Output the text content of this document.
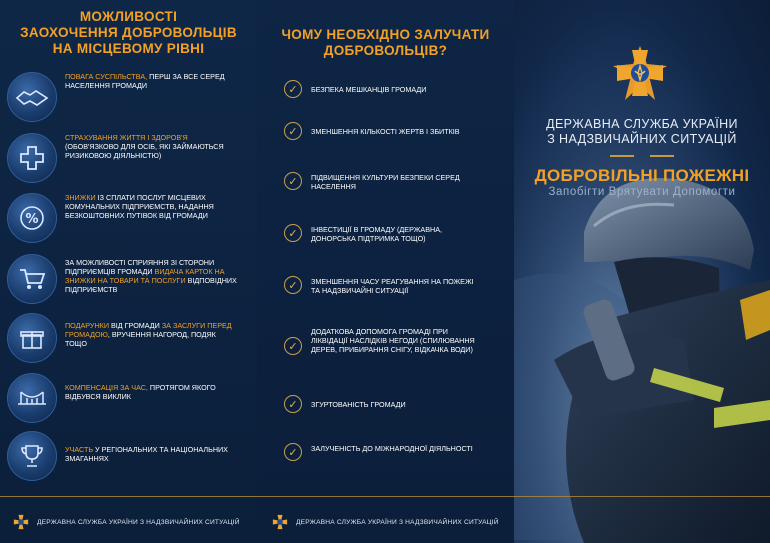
МОЖЛИВОСТІ
ЗАОХОЧЕННЯ ДОБРОВОЛЬЦІВ
НА МІСЦЕВОМУ РІВНІ
ПОВАГА СУСПІЛЬСТВА, ПЕРШ ЗА ВСЕ СЕРЕД НАСЕЛЕННЯ ГРОМАДИ
СТРАХУВАННЯ ЖИТТЯ І ЗДОРОВ'Я (ОБОВ'ЯЗКОВО ДЛЯ ОСІБ, ЯКІ ЗАЙМАЮТЬСЯ РИЗИКОВОЮ ДІЯЛЬНІСТЮ)
%
ЗНИЖКИ ІЗ СПЛАТИ ПОСЛУГ МІСЦЕВИХ КОМУНАЛЬНИХ ПІДПРИЄМСТВ, НАДАННЯ БЕЗКОШТОВНИХ ПУТІВОК ВІД ГРОМАДИ
ЗА МОЖЛИВОСТІ СПРИЯННЯ ЗІ СТОРОНИ ПІДПРИЄМЦІВ ГРОМАДИ ВИДАЧА КАРТОК НА ЗНИЖКИ НА ТОВАРИ ТА ПОСЛУГИ ВІДПОВІДНИХ ПІДПРИЄМСТВ
ПОДАРУНКИ ВІД ГРОМАДИ ЗА ЗАСЛУГИ ПЕРЕД ГРОМАДОЮ, ВРУЧЕННЯ НАГОРОД, ПОДЯК ТОЩО
КОМПЕНСАЦІЯ ЗА ЧАС, ПРОТЯГОМ ЯКОГО ВІДБУВСЯ ВИКЛИК
УЧАСТЬ У РЕГІОНАЛЬНИХ ТА НАЦІОНАЛЬНИХ ЗМАГАННЯХ
ЧОМУ НЕОБХІДНО ЗАЛУЧАТИ
ДОБРОВОЛЬЦІВ?
✓	БЕЗПЕКА МЕШКАНЦІВ ГРОМАДИ
✓	ЗМЕНШЕННЯ КІЛЬКОСТІ ЖЕРТВ І ЗБИТКІВ
✓	ПІДВИЩЕННЯ КУЛЬТУРИ БЕЗПЕКИ СЕРЕД НАСЕЛЕННЯ
✓	ІНВЕСТИЦІЇ В ГРОМАДУ (ДЕРЖАВНА, ДОНОРСЬКА ПІДТРИМКА ТОЩО)
✓	ЗМЕНШЕННЯ ЧАСУ РЕАГУВАННЯ НА ПОЖЕЖІ ТА НАДЗВИЧАЙНІ СИТУАЦІЇ
✓
ДОДАТКОВА ДОПОМОГА ГРОМАДІ ПРИ ЛІКВІДАЦІЇ НАСЛІДКІВ НЕГОДИ (СПИЛЮВАННЯ ДЕРЕВ, ПРИБИРАННЯ СНІГУ, ВІДКАЧКА ВОДИ)
✓	ЗГУРТОВАНІСТЬ ГРОМАДИ
✓	ЗАЛУЧЕНІСТЬ ДО МІЖНАРОДНОЇ ДІЯЛЬНОСТІ
ДЕРЖАВНА СЛУЖБА УКРАЇНИ
З НАДЗВИЧАЙНИХ СИТУАЦІЙ
ДОБРОВІЛЬНІ ПОЖЕЖНІ
Запобігти Врятувати Допомогти
ДЕРЖАВНА СЛУЖБА УКРАЇНИ З НАДЗВИЧАЙНИХ СИТУАЦІЙ	ДЕРЖАВНА СЛУЖБА УКРАЇНИ З НАДЗВИЧАЙНИХ СИТУАЦІЙ
